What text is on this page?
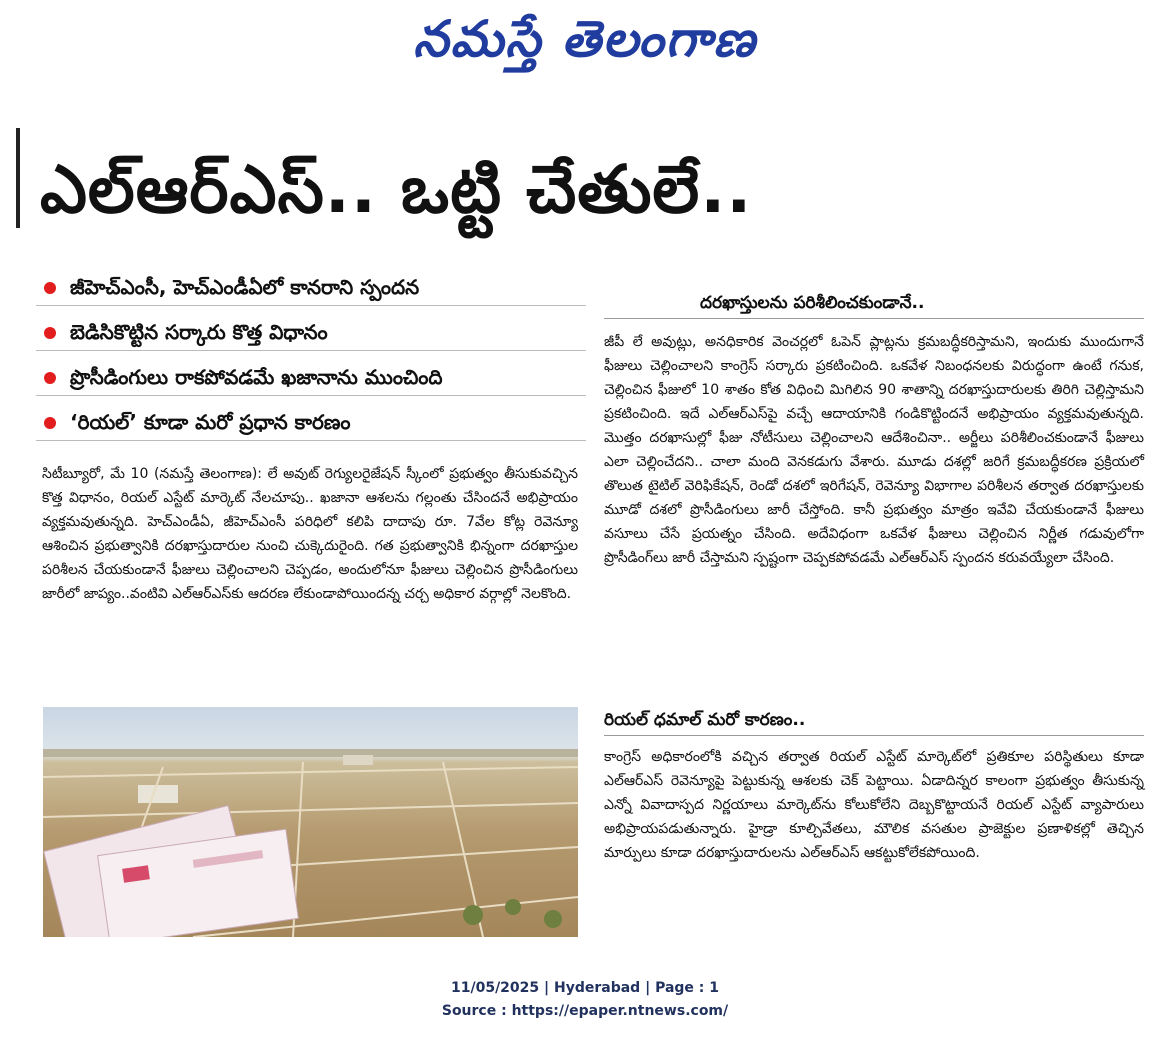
నమస్తే తెలంగాణ
ఎల్‌ఆర్‌ఎస్‌.. ఒట్టి చేతులే..
జీహెచ్‌ఎంసీ, హెచ్‌ఎండీఏలో కానరాని స్పందన
బెడిసికొట్టిన సర్కారు కొత్త విధానం
ప్రొసీడింగులు రాకపోవడమే ఖజానాను ముంచింది
‘రియల్‌’ కూడా మరో ప్రధాన కారణం
సిటీబ్యూరో, మే 10 (నమస్తే తెలంగాణ): లే అవుట్‌ రెగ్యులరైజేషన్‌ స్కీంలో ప్రభుత్వం తీసుకువచ్చిన కొత్త విధానం, రియల్‌ ఎస్టేట్‌ మార్కెట్‌ నేలచూపు.. ఖజానా ఆశలను గల్లంతు చేసిందనే అభిప్రాయం వ్యక్తమవుతున్నది. హెచ్‌ఎండీఏ, జీహెచ్‌ఎంసీ పరిధిలో కలిపి దాదాపు రూ. 7వేల కోట్ల రెవెన్యూ ఆశించిన ప్రభుత్వానికి దరఖాస్తుదారుల నుంచి చుక్కెదురైంది. గత ప్రభుత్వానికి భిన్నంగా దరఖాస్తుల పరిశీలన చేయకుండానే ఫీజులు చెల్లించాలని చెప్పడం, అందులోనూ ఫీజులు చెల్లించిన ప్రొసీడింగులు జారీలో జాప్యం..వంటివి ఎల్‌ఆర్‌ఎస్‌కు ఆదరణ లేకుండాపోయిందన్న చర్చ అధికార వర్గాల్లో నెలకొంది.
దరఖాస్తులను పరిశీలించకుండానే..
జీపీ లే అవుట్లు, అనధికారిక వెంచర్లలో ఓపెన్‌ ప్లాట్లను క్రమబద్ధీకరిస్తామని, ఇందుకు ముందుగానే ఫీజులు చెల్లించాలని కాంగ్రెస్‌ సర్కారు ప్రకటించింది. ఒకవేళ నిబంధనలకు విరుద్ధంగా ఉంటే గనుక, చెల్లించిన ఫీజులో 10 శాతం కోత విధించి మిగిలిన 90 శాతాన్ని దరఖాస్తుదారులకు తిరిగి చెల్లిస్తామని ప్రకటించింది. ఇదే ఎల్‌ఆర్‌ఎస్‌పై వచ్చే ఆదాయానికి గండికొట్టిందనే అభిప్రాయం వ్యక్తమవుతున్నది. మొత్తం దరఖాసుల్లో ఫీజు నోటీసులు చెల్లించాలని ఆదేశించినా.. అర్జీలు పరిశీలించకుండానే ఫీజులు ఎలా చెల్లించేదని.. చాలా మంది వెనకడుగు వేశారు. మూడు దశల్లో జరిగే క్రమబద్ధీకరణ ప్రక్రియలో తొలుత టైటిల్‌ వెరిఫికేషన్‌, రెండో దశలో ఇరిగేషన్‌, రెవెన్యూ విభాగాల పరిశీలన తర్వాత దరఖాస్తులకు మూడో దశలో ప్రొసీడింగులు జారీ చేస్తోంది. కానీ ప్రభుత్వం మాత్రం ఇవేవి చేయకుండానే ఫీజులు వసూలు చేసే ప్రయత్నం చేసింది. అదేవిధంగా ఒకవేళ ఫీజులు చెల్లించిన నిర్ణీత గడువులోగా ప్రొసీడింగ్‌లు జారీ చేస్తామని స్పష్టంగా చెప్పకపోవడమే ఎల్‌ఆర్‌ఎస్‌ స్పందన కరువయ్యేలా చేసింది.
రియల్‌ ధమాల్‌ మరో కారణం..
కాంగ్రెస్‌ అధికారంలోకి వచ్చిన తర్వాత రియల్‌ ఎస్టేట్‌ మార్కెట్‌లో ప్రతికూల పరిస్థితులు కూడా ఎల్‌ఆర్‌ఎస్‌ రెవెన్యూపై పెట్టుకున్న ఆశలకు చెక్‌ పెట్టాయి. ఏడాదిన్నర కాలంగా ప్రభుత్వం తీసుకున్న ఎన్నో వివాదాస్పద నిర్ణయాలు మార్కెట్‌ను కోలుకోలేని దెబ్బకొట్టాయనే రియల్‌ ఎస్టేట్‌ వ్యాపారులు అభిప్రాయపడుతున్నారు. హైడ్రా కూల్చివేతలు, మౌలిక వసతుల ప్రాజెక్టుల ప్రణాళికల్లో తెచ్చిన మార్పులు కూడా దరఖాస్తుదారులను ఎల్‌ఆర్‌ఎస్‌ ఆకట్టుకోలేకపోయింది.
11/05/2025 | Hyderabad | Page : 1
Source : https://epaper.ntnews.com/
